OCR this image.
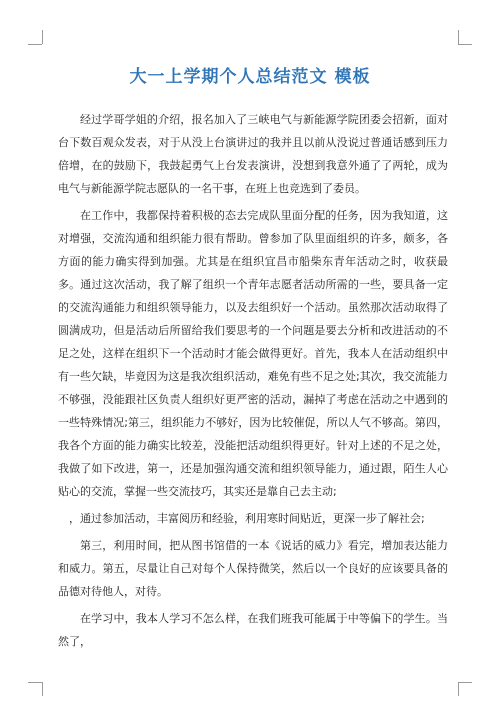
大一上学期个人总结范文 模板

经过学哥学姐的介绍，报名加入了三峡电气与新能源学院团委会招新，面对台下数百观众发表，对于从没上台演讲过的我并且以前从没说过普通话感到压力倍增，在的鼓励下，我鼓起勇气上台发表演讲，没想到我意外通了了两轮，成为电气与新能源学院志愿队的一名干事，在班上也竞选到了委员。

在工作中，我都保持着积极的态去完成队里面分配的任务，因为我知道，这对增强，交流沟通和组织能力很有帮助。曾参加了队里面组织的许多，颇多，各方面的能力确实得到加强。尤其是在组织宜昌市船柴东青年活动之时，收获最多。通过这次活动，我了解了组织一个青年志愿者活动所需的一些，要具备一定的交流沟通能力和组织领导能力，以及去组织好一个活动。虽然那次活动取得了圆满成功，但是活动后所留给我们要思考的一个问题是要去分析和改进活动的不足之处，这样在组织下一个活动时才能会做得更好。首先，我本人在活动组织中有一些欠缺，毕竟因为这是我次组织活动，难免有些不足之处;其次，我交流能力不够强，没能跟社区负责人组织好更严密的活动，漏掉了考虑在活动之中遇到的一些特殊情况;第三，组织能力不够好，因为比较催促，所以人气不够高。第四，我各个方面的能力确实比较差，没能把活动组织得更好。针对上述的不足之处，我做了如下改进，第一，还是加强沟通交流和组织领导能力，通过跟，陌生人心贴心的交流，掌握一些交流技巧，其实还是靠自己去主动;

，通过参加活动，丰富阅历和经验，利用寒时间贴近，更深一步了解社会;

第三，利用时间，把从图书馆借的一本《说话的威力》看完，增加表达能力和威力。第五，尽量让自己对每个人保持微笑，然后以一个良好的应该要具备的品德对待他人，对待。

在学习中，我本人学习不怎么样，在我们班我可能属于中等偏下的学生。当然了，
